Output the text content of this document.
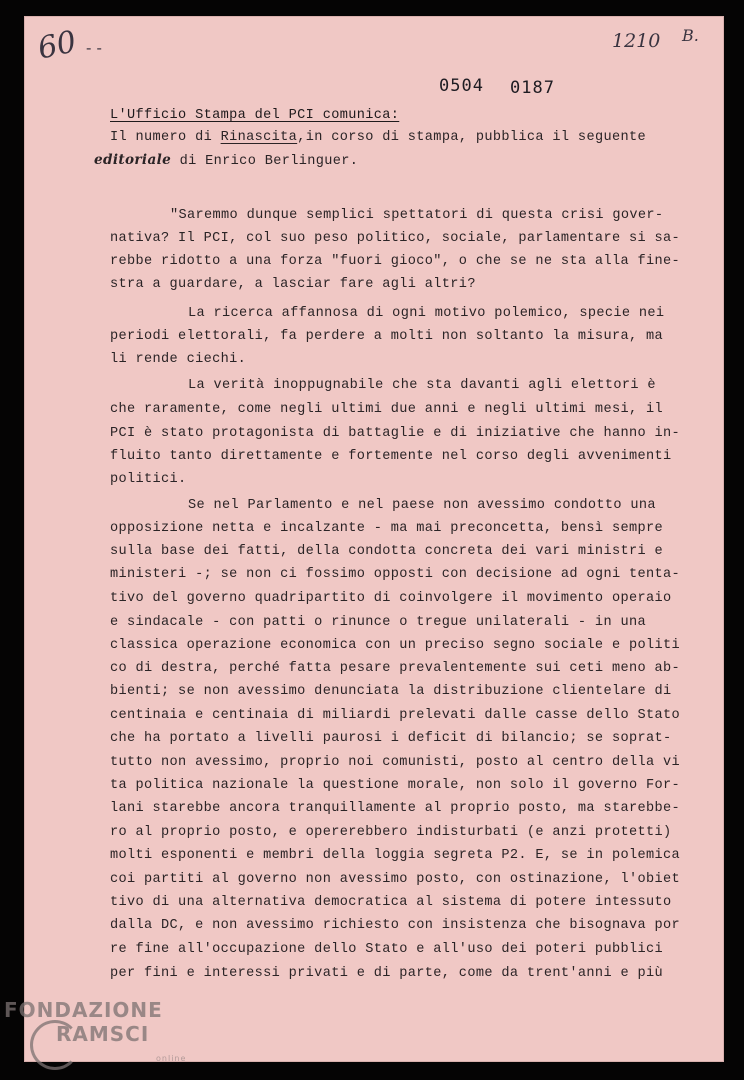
60 - -	1210 B.
0504 0187
L'Ufficio Stampa del PCI comunica:
Il numero di Rinascita,in corso di stampa, pubblica il seguente
editoriale di Enrico Berlinguer.
"Saremmo dunque semplici spettatori di questa crisi gover-
nativa? Il PCI, col suo peso politico, sociale, parlamentare si sa-
rebbe ridotto a una forza "fuori gioco", o che se ne sta alla fine-
stra a guardare, a lasciar fare agli altri?
La ricerca affannosa di ogni motivo polemico, specie nei
periodi elettorali, fa perdere a molti non soltanto la misura, ma
li rende ciechi.
La verità inoppugnabile che sta davanti agli elettori è
che raramente, come negli ultimi due anni e negli ultimi mesi, il
PCI è stato protagonista di battaglie e di iniziative che hanno in-
fluito tanto direttamente e fortemente nel corso degli avvenimenti
politici.
Se nel Parlamento e nel paese non avessimo condotto una
opposizione netta e incalzante - ma mai preconcetta, bensì sempre
sulla base dei fatti, della condotta concreta dei vari ministri e
ministeri -; se non ci fossimo opposti con decisione ad ogni tenta-
tivo del governo quadripartito di coinvolgere il movimento operaio
e sindacale - con patti o rinunce o tregue unilaterali - in una
classica operazione economica con un preciso segno sociale e politi
co di destra, perché fatta pesare prevalentemente sui ceti meno ab-
bienti; se non avessimo denunciata la distribuzione clientelare di
centinaia e centinaia di miliardi prelevati dalle casse dello Stato
che ha portato a livelli paurosi i deficit di bilancio; se soprat-
tutto non avessimo, proprio noi comunisti, posto al centro della vi
ta politica nazionale la questione morale, non solo il governo For-
lani starebbe ancora tranquillamente al proprio posto, ma starebbe-
ro al proprio posto, e opererebbero indisturbati (e anzi protetti)
molti esponenti e membri della loggia segreta P2. E, se in polemica
coi partiti al governo non avessimo posto, con ostinazione, l'obiet
tivo di una alternativa democratica al sistema di potere intessuto
dalla DC, e non avessimo richiesto con insistenza che bisognava por
re fine all'occupazione dello Stato e all'uso dei poteri pubblici
per fini e interessi privati e di parte, come da trent'anni e più
FONDAZIONE
RAMSCI
online
